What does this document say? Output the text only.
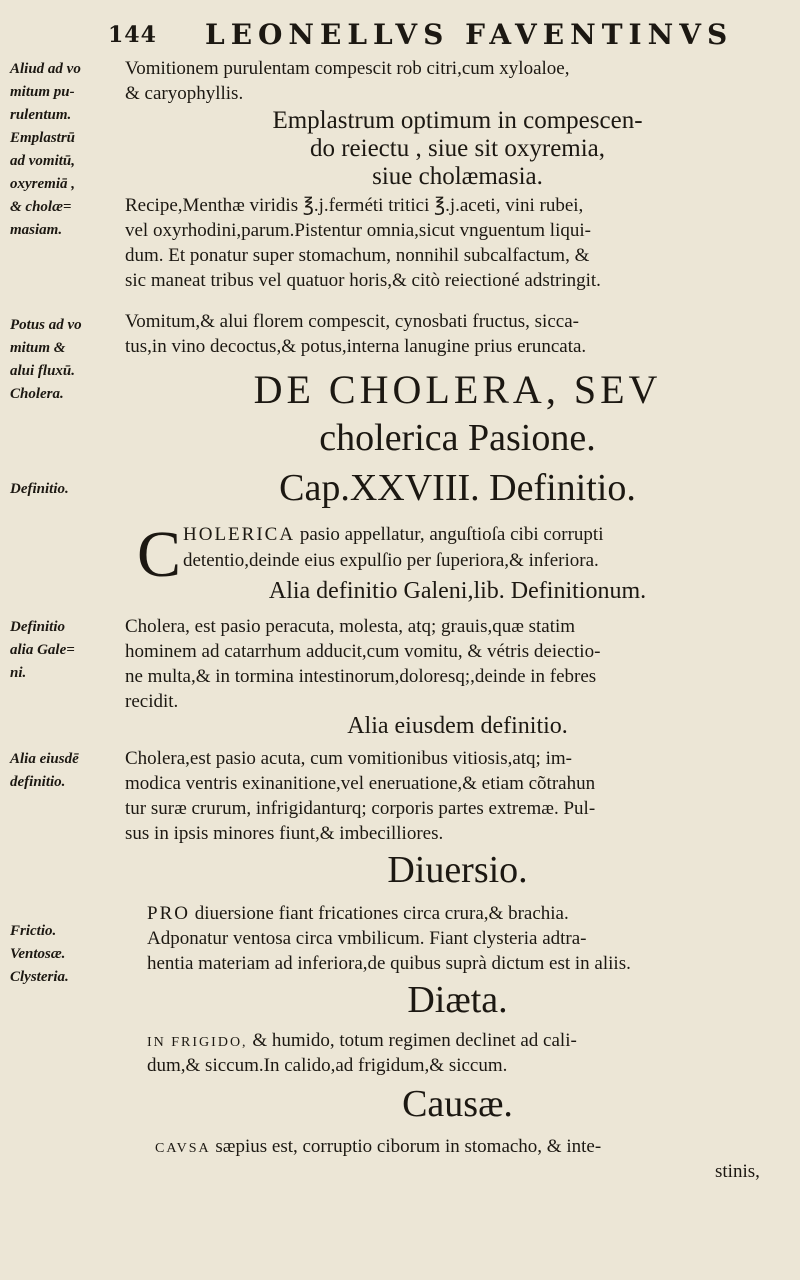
144 LEONELLVS FAVENTINVS
Aliud ad vo
mitum pu-
rulentum.
Emplastrū
ad vomitū,
oxyremiā ,
& cholæ=
masiam.
Potus ad vo
mitum &
alui fluxū.
Cholera.
Definitio.
Definitio
alia Gale=
ni.
Alia eiusdē
definitio.
Frictio.
Ventosæ.
Clysteria.
Vomitionem purulentam compescit rob citri,cum xyloaloe,
& caryophyllis.
Emplastrum optimum in compescen-
do reiectu , siue sit oxyremia,
siue cholæmasia.
Recipe,Menthæ viridis ℥.j.ferméti tritici ℥.j.aceti, vini rubei,
vel oxyrhodini,parum.Pistentur omnia,sicut vnguentum liqui-
dum. Et ponatur super stomachum, nonnihil subcalfactum, &
sic maneat tribus vel quatuor horis,& citò reiectioné adstringit.
Vomitum,& alui florem compescit, cynosbati fructus, sicca-
tus,in vino decoctus,& potus,interna lanugine prius eruncata.
DE CHOLERA, SEV
cholerica Pasione.
Cap.XXVIII. Definitio.
C HOLERICA pasio appellatur, anguſtioſa cibi corrupti
detentio,deinde eius expulſio per ſuperiora,& inferiora.
Alia definitio Galeni,lib. Definitionum.
Cholera, est pasio peracuta, molesta, atq; grauis,quæ statim
hominem ad catarrhum adducit,cum vomitu, & vétris deiectio-
ne multa,& in tormina intestinorum,doloresq;,deinde in febres
recidit.
Alia eiusdem definitio.
Cholera,est pasio acuta, cum vomitionibus vitiosis,atq; im-
modica ventris exinanitione,vel eneruatione,& etiam cõtrahun
tur suræ crurum, infrigidanturq; corporis partes extremæ. Pul-
sus in ipsis minores fiunt,& imbecilliores.
Diuersio.
PRO diuersione fiant fricationes circa crura,& brachia.
Adponatur ventosa circa vmbilicum. Fiant clysteria adtra-
hentia materiam ad inferiora,de quibus suprà dictum est in aliis.
Diæta.
IN FRIGIDO, & humido, totum regimen declinet ad cali-
dum,& siccum.In calido,ad frigidum,& siccum.
Causæ.
CAVSA sæpius est, corruptio ciborum in stomacho, & inte-
stinis,
